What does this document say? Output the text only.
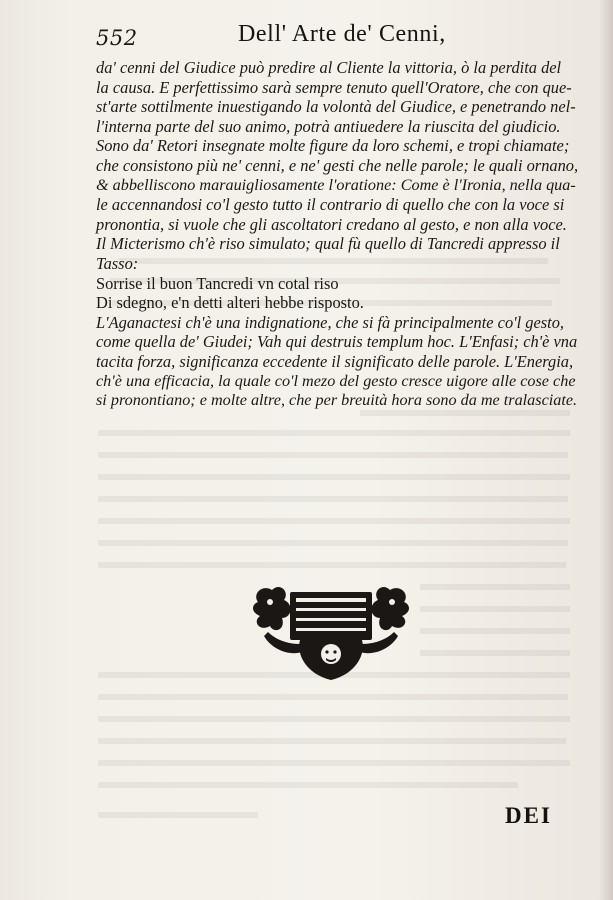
552	Dell' Arte de' Cenni,
da' cenni del Giudice può predire al Cliente la vittoria, ò la perdita del
la causa. E perfettissimo sarà sempre tenuto quell'Oratore, che con que-
st'arte sottilmente inuestigando la volontà del Giudice, e penetrando nel-
l'interna parte del suo animo, potrà antiuedere la riuscita del giudicio.
Sono da' Retori insegnate molte figure da loro schemi, e tropi chiamate;
che consistono più ne' cenni, e ne' gesti che nelle parole; le quali ornano,
& abbelliscono marauigliosamente l'oratione: Come è l'Ironia, nella qua-
le accennandosi co'l gesto tutto il contrario di quello che con la voce si
pronontia, si vuole che gli ascoltatori credano al gesto, e non alla voce.
Il Micterismo ch'è riso simulato; qual fù quello di Tancredi appresso il
Tasso:
Sorrise il buon Tancredi vn cotal riso
Di sdegno, e'n detti alteri hebbe risposto.
L'Aganactesi ch'è una indignatione, che si fà principalmente co'l gesto,
come quella de' Giudei; Vah qui destruis templum hoc. L'Enfasi; ch'è vna
tacita forza, significanza eccedente il significato delle parole. L'Energia,
ch'è una efficacia, la quale co'l mezo del gesto cresce uigore alle cose che
si pronontiano; e molte altre, che per breuità hora sono da me tralasciate.
DEI
